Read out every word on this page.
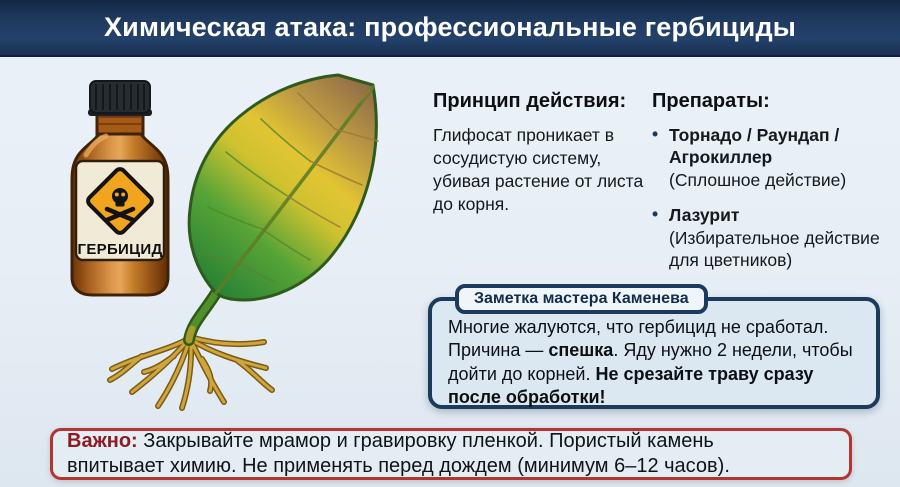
Химическая атака: профессиональные гербициды
ГЕРБИЦИД
Принцип действия:

Глифосат проникает в сосудистую систему, убивая растение от листа до корня.

Препараты:
• Торнадо / Раундап / Агрокиллер
(Сплошное действие)
• Лазурит
(Избирательное действие для цветников)
Заметка мастера Каменева

Многие жалуются, что гербицид не сработал. Причина — спешка. Яду нужно 2 недели, чтобы дойти до корней. Не срезайте траву сразу после обработки!

Важно: Закрывайте мрамор и гравировку пленкой. Пористый камень впитывает химию. Не применять перед дождем (минимум 6–12 часов).
